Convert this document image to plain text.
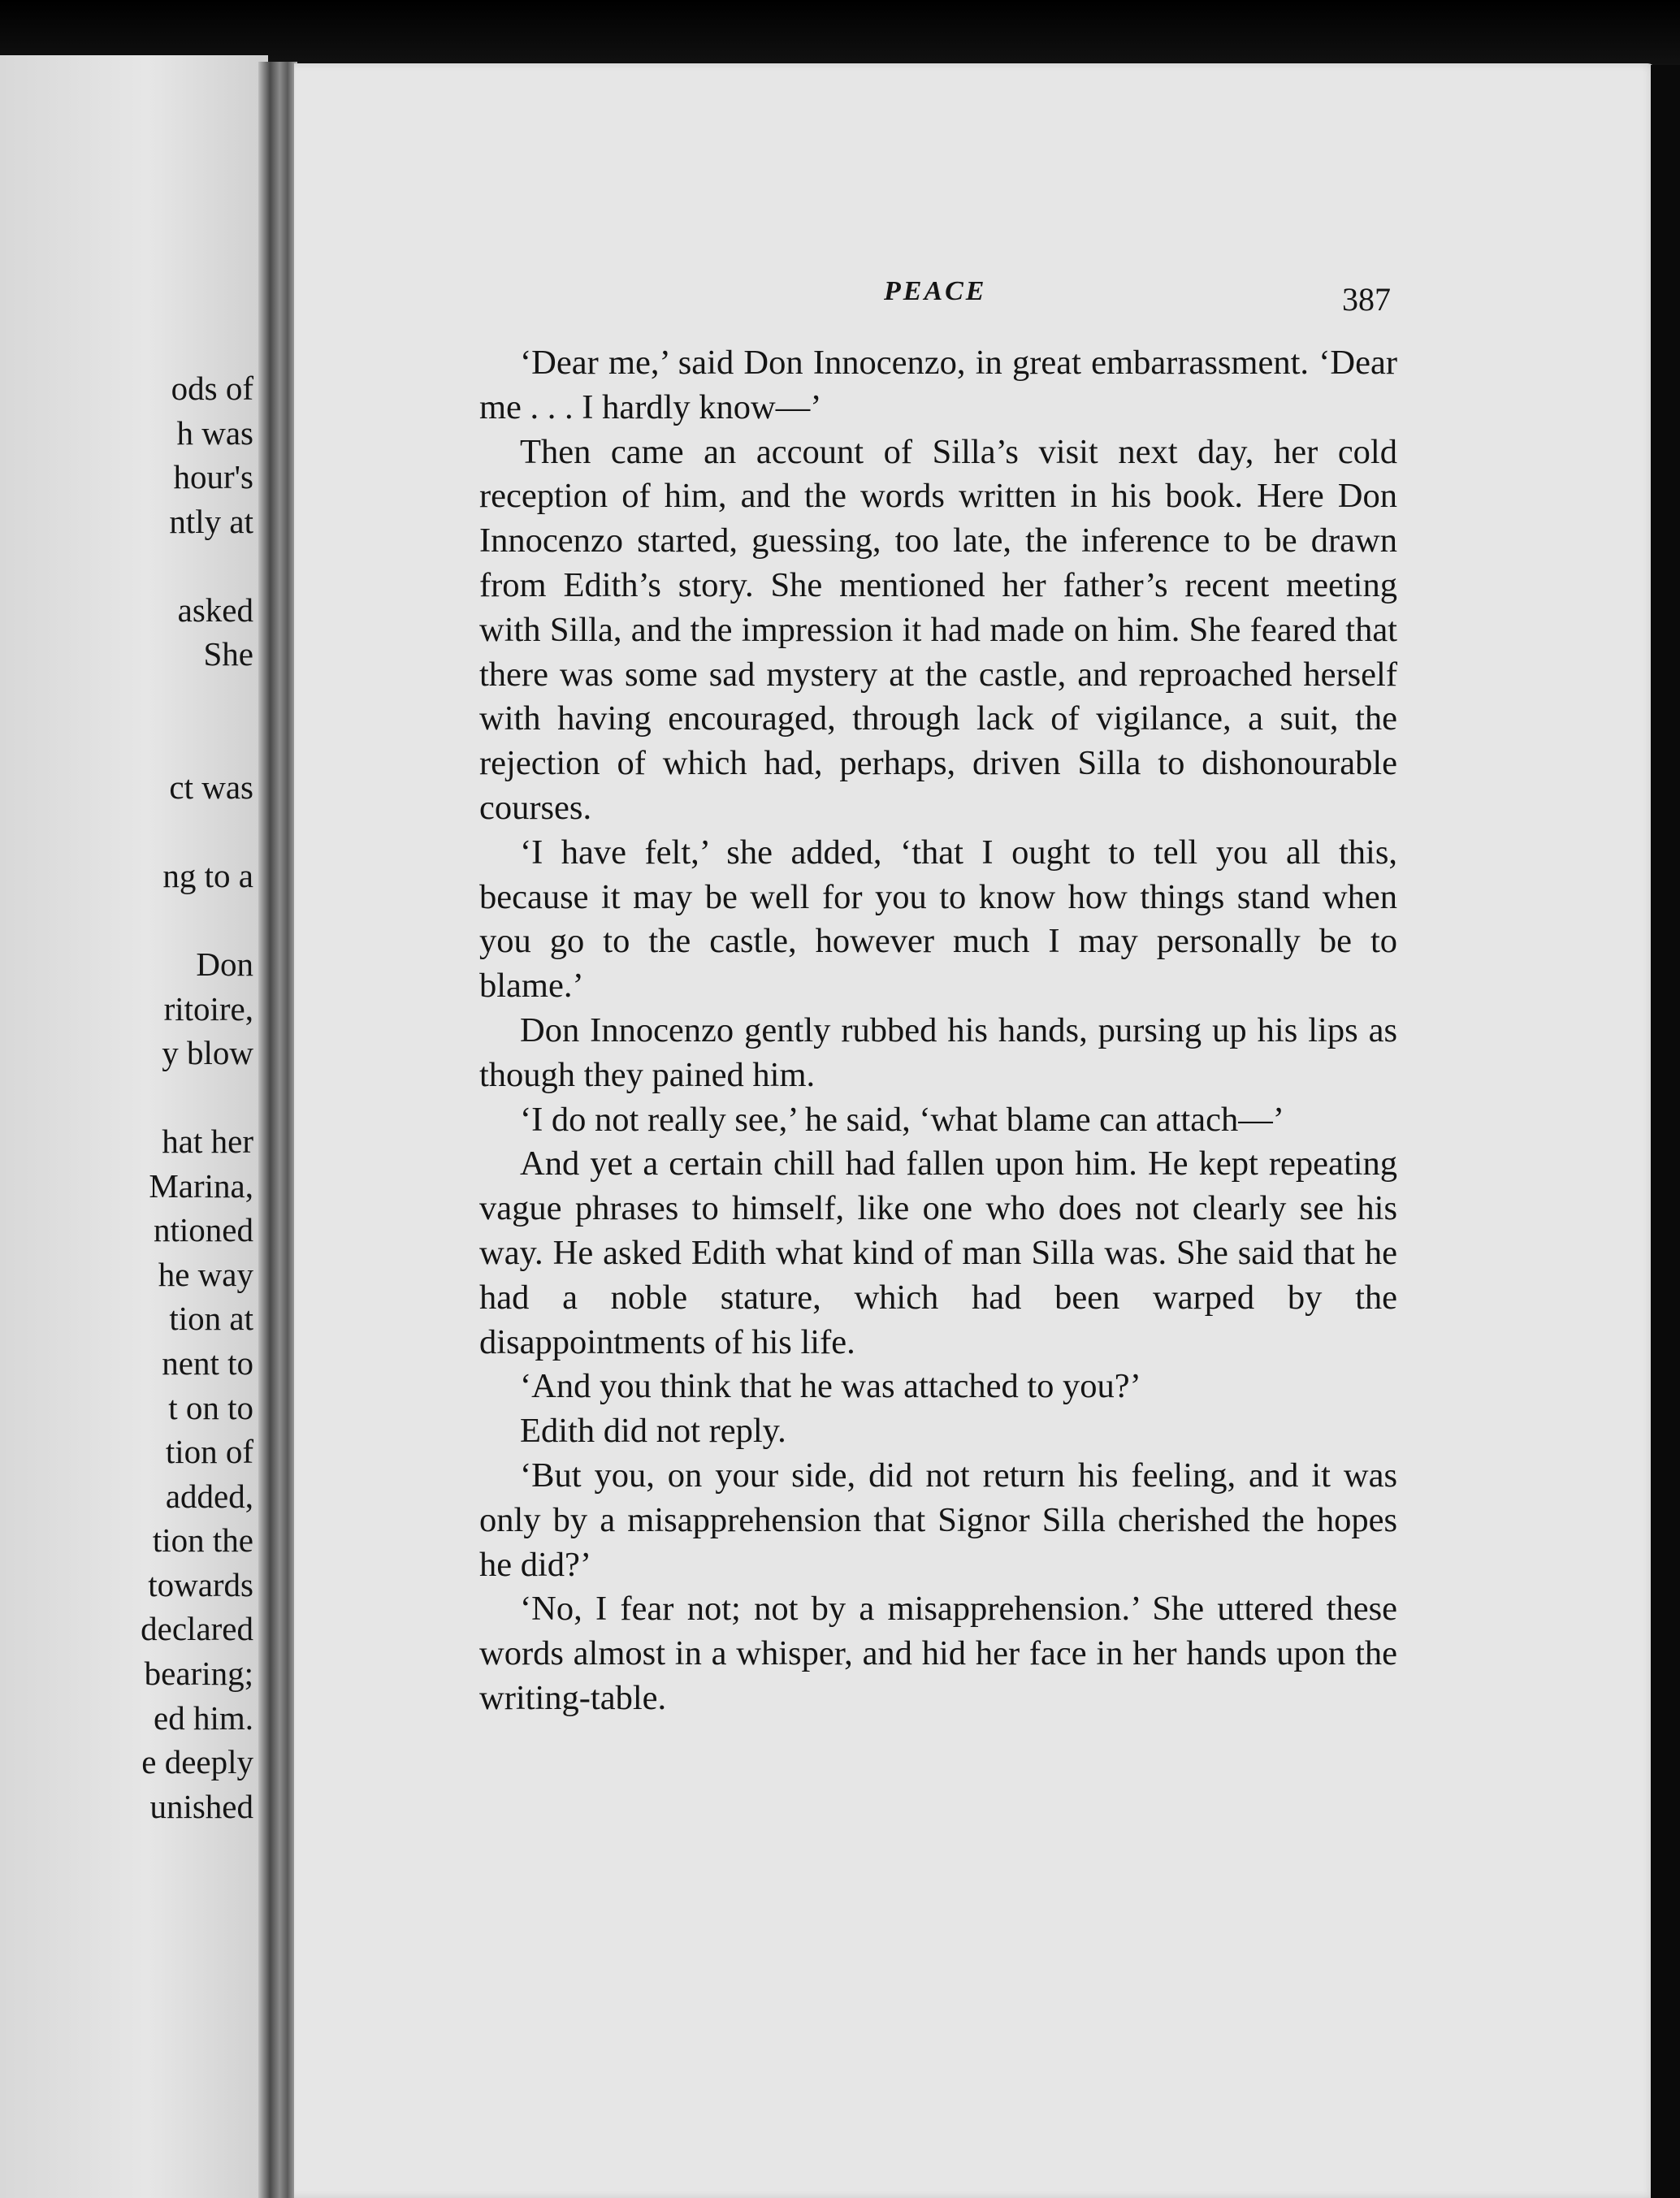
ods of
h was
hour's
ntly at
asked
She
ct was
ng to a
Don
ritoire,
y blow
hat her
Marina,
ntioned
he way
tion at
nent to
t on to
tion of
added,
tion the
towards
declared
bearing;
ed him.
e deeply
unished
PEACE	387

‘Dear me,’ said Don Innocenzo, in great embarrassment. ‘Dear me . . . I hardly know—’

Then came an account of Silla’s visit next day, her cold reception of him, and the words written in his book. Here Don Innocenzo started, guessing, too late, the inference to be drawn from Edith’s story. She mentioned her father’s recent meeting with Silla, and the impression it had made on him. She feared that there was some sad mystery at the castle, and reproached herself with having encouraged, through lack of vigilance, a suit, the rejection of which had, perhaps, driven Silla to dishonourable courses.

‘I have felt,’ she added, ‘that I ought to tell you all this, because it may be well for you to know how things stand when you go to the castle, however much I may personally be to blame.’

Don Innocenzo gently rubbed his hands, pursing up his lips as though they pained him.

‘I do not really see,’ he said, ‘what blame can attach—’

And yet a certain chill had fallen upon him. He kept repeating vague phrases to himself, like one who does not clearly see his way. He asked Edith what kind of man Silla was. She said that he had a noble stature, which had been warped by the disappointments of his life.

‘And you think that he was attached to you?’

Edith did not reply.

‘But you, on your side, did not return his feeling, and it was only by a misapprehension that Signor Silla cherished the hopes he did?’

‘No, I fear not; not by a misapprehension.’ She uttered these words almost in a whisper, and hid her face in her hands upon the writing-table.
